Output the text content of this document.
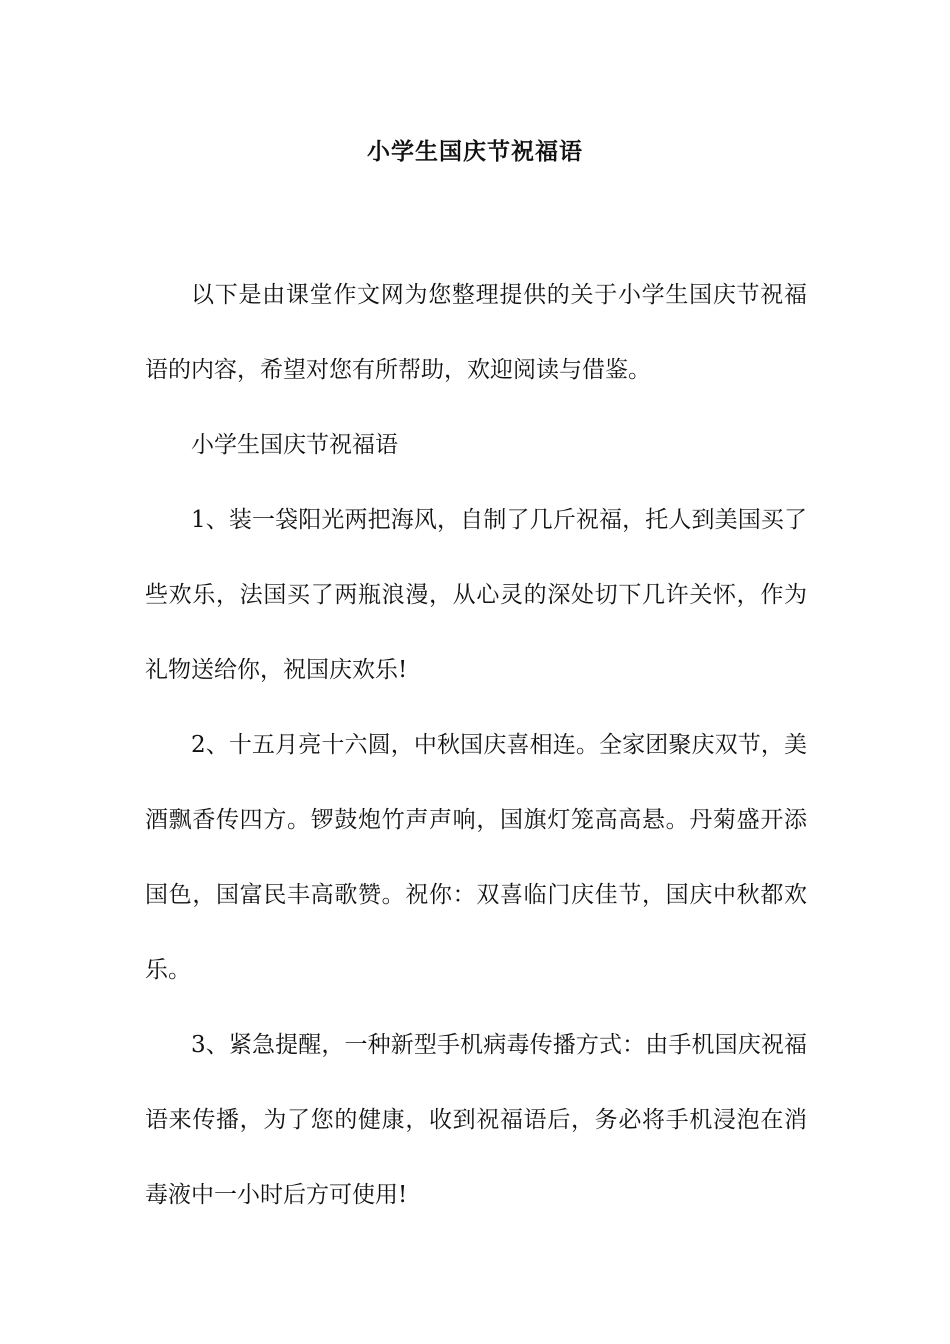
小学生国庆节祝福语

以下是由课堂作文网为您整理提供的关于小学生国庆节祝福语的内容，希望对您有所帮助，欢迎阅读与借鉴。

小学生国庆节祝福语

1、装一袋阳光两把海风，自制了几斤祝福，托人到美国买了些欢乐，法国买了两瓶浪漫，从心灵的深处切下几许关怀，作为礼物送给你，祝国庆欢乐!

2、十五月亮十六圆，中秋国庆喜相连。全家团聚庆双节，美酒飘香传四方。锣鼓炮竹声声响，国旗灯笼高高悬。丹菊盛开添国色，国富民丰高歌赞。祝你：双喜临门庆佳节，国庆中秋都欢乐。

3、紧急提醒，一种新型手机病毒传播方式：由手机国庆祝福语来传播，为了您的健康，收到祝福语后，务必将手机浸泡在消毒液中一小时后方可使用!
